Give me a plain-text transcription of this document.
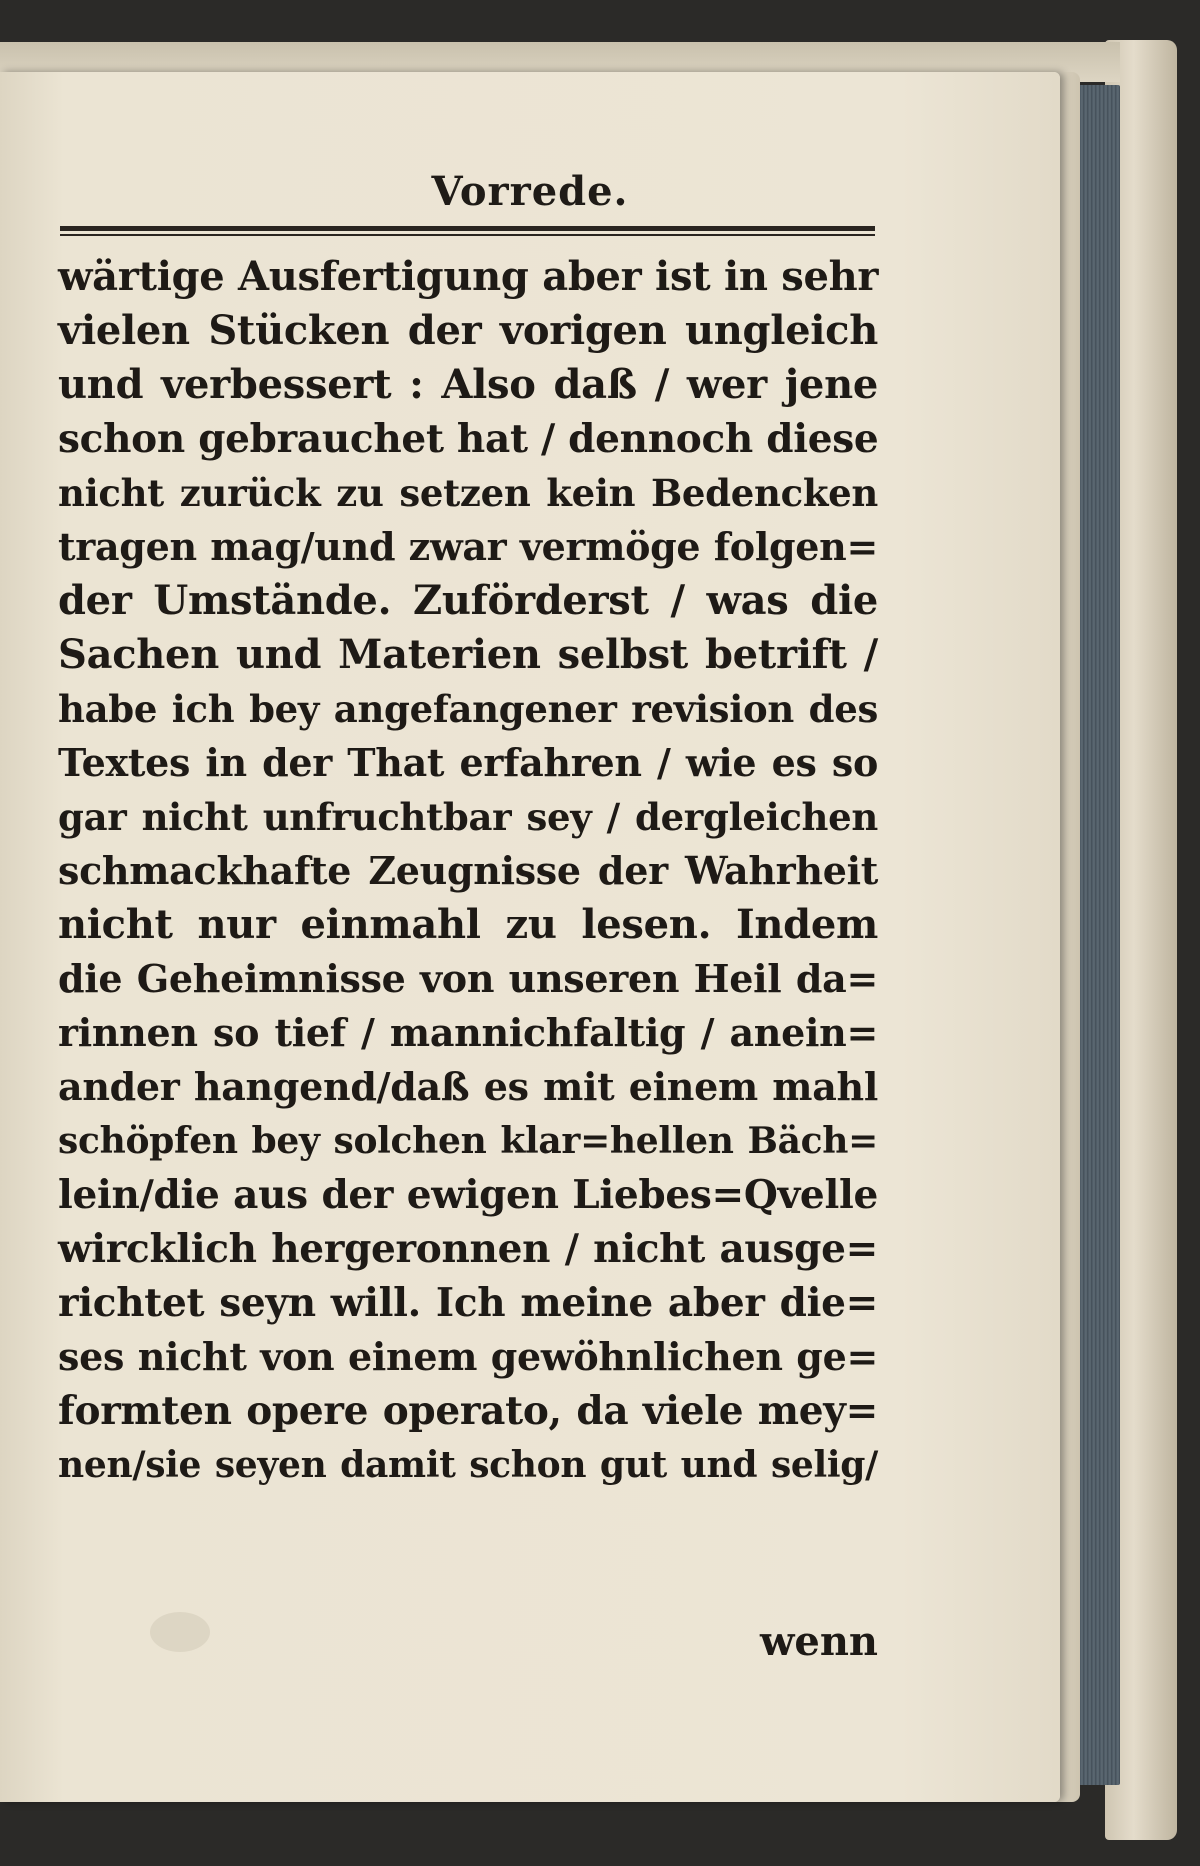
Vorrede.
wärtige Ausfertigung aber ist in sehr
vielen Stücken der vorigen ungleich
und verbessert : Also daß / wer jene
schon gebrauchet hat / dennoch diese
nicht zurück zu setzen kein Bedencken
tragen mag/und zwar vermöge folgen=
der Umstände. Zuförderst / was die
Sachen und Materien selbst betrift /
habe ich bey angefangener revision des
Textes in der That erfahren / wie es so
gar nicht unfruchtbar sey / dergleichen
schmackhafte Zeugnisse der Wahrheit
nicht nur einmahl zu lesen. Indem
die Geheimnisse von unseren Heil da=
rinnen so tief / mannichfaltig / anein=
ander hangend/daß es mit einem mahl
schöpfen bey solchen klar=hellen Bäch=
lein/die aus der ewigen Liebes=Qvelle
wircklich hergeronnen / nicht ausge=
richtet seyn will. Ich meine aber die=
ses nicht von einem gewöhnlichen ge=
formten opere operato, da viele mey=
nen/sie seyen damit schon gut und selig/
wenn
